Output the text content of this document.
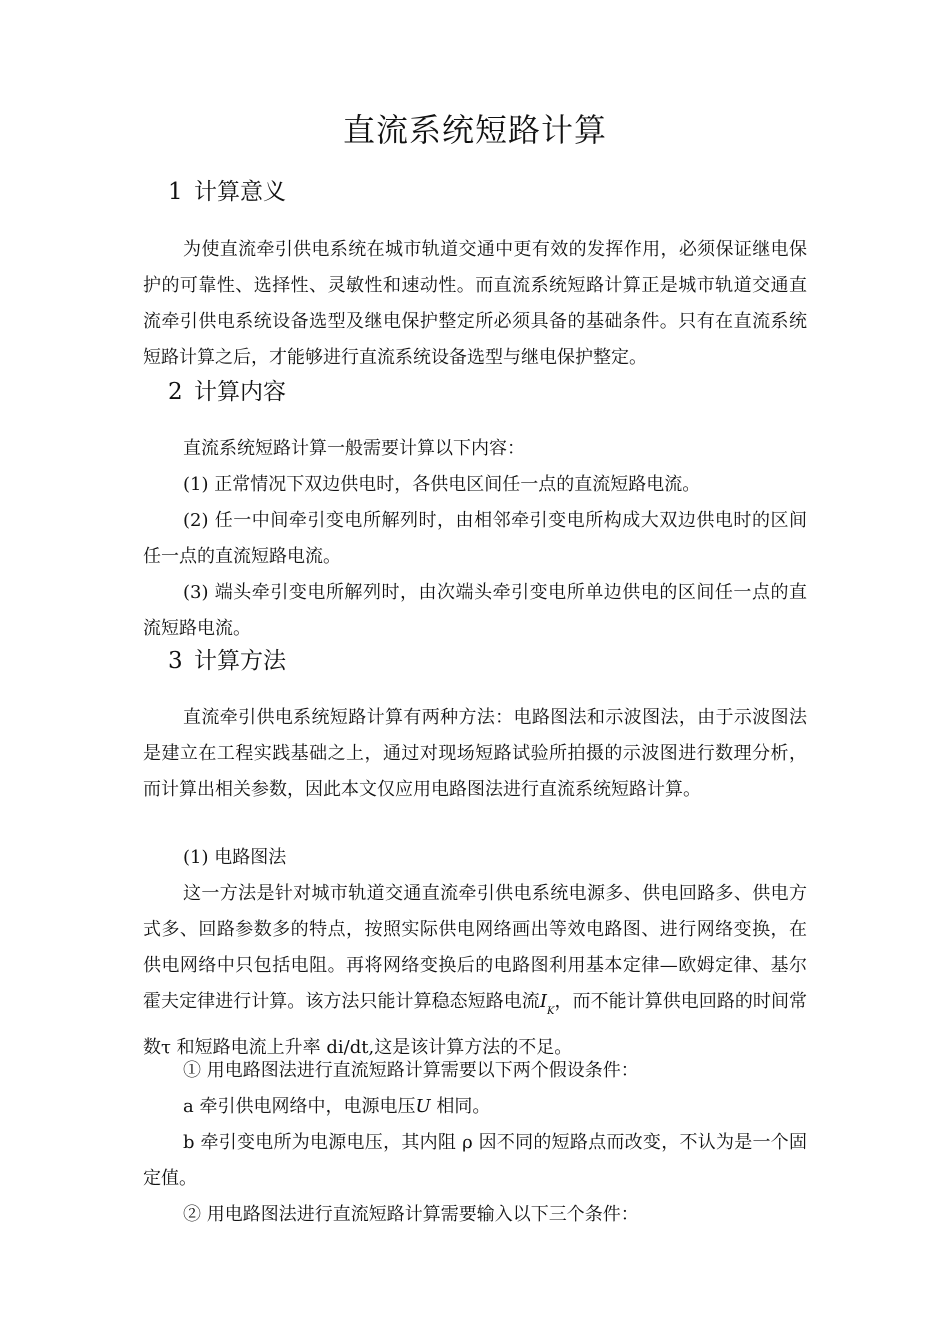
直流系统短路计算
1 计算意义

为使直流牵引供电系统在城市轨道交通中更有效的发挥作用，必须保证继电保护的可靠性、选择性、灵敏性和速动性。而直流系统短路计算正是城市轨道交通直流牵引供电系统设备选型及继电保护整定所必须具备的基础条件。只有在直流系统短路计算之后，才能够进行直流系统设备选型与继电保护整定。

2 计算内容
直流系统短路计算一般需要计算以下内容：
(1) 正常情况下双边供电时，各供电区间任一点的直流短路电流。

(2) 任一中间牵引变电所解列时，由相邻牵引变电所构成大双边供电时的区间任一点的直流短路电流。

(3) 端头牵引变电所解列时，由次端头牵引变电所单边供电的区间任一点的直流短路电流。

3 计算方法

直流牵引供电系统短路计算有两种方法：电路图法和示波图法，由于示波图法是建立在工程实践基础之上，通过对现场短路试验所拍摄的示波图进行数理分析，而计算出相关参数，因此本文仅应用电路图法进行直流系统短路计算。

(1) 电路图法

这一方法是针对城市轨道交通直流牵引供电系统电源多、供电回路多、供电方式多、回路参数多的特点，按照实际供电网络画出等效电路图、进行网络变换，在供电网络中只包括电阻。再将网络变换后的电路图利用基本定律—欧姆定律、基尔霍夫定律进行计算。该方法只能计算稳态短路电流$I_K$，而不能计算供电回路的时间常数τ 和短路电流上升率 di/dt,这是该计算方法的不足。

① 用电路图法进行直流短路计算需要以下两个假设条件：
a 牵引供电网络中，电源电压U 相同。

b 牵引变电所为电源电压，其内阻 ρ 因不同的短路点而改变，不认为是一个固定值。

② 用电路图法进行直流短路计算需要输入以下三个条件：
